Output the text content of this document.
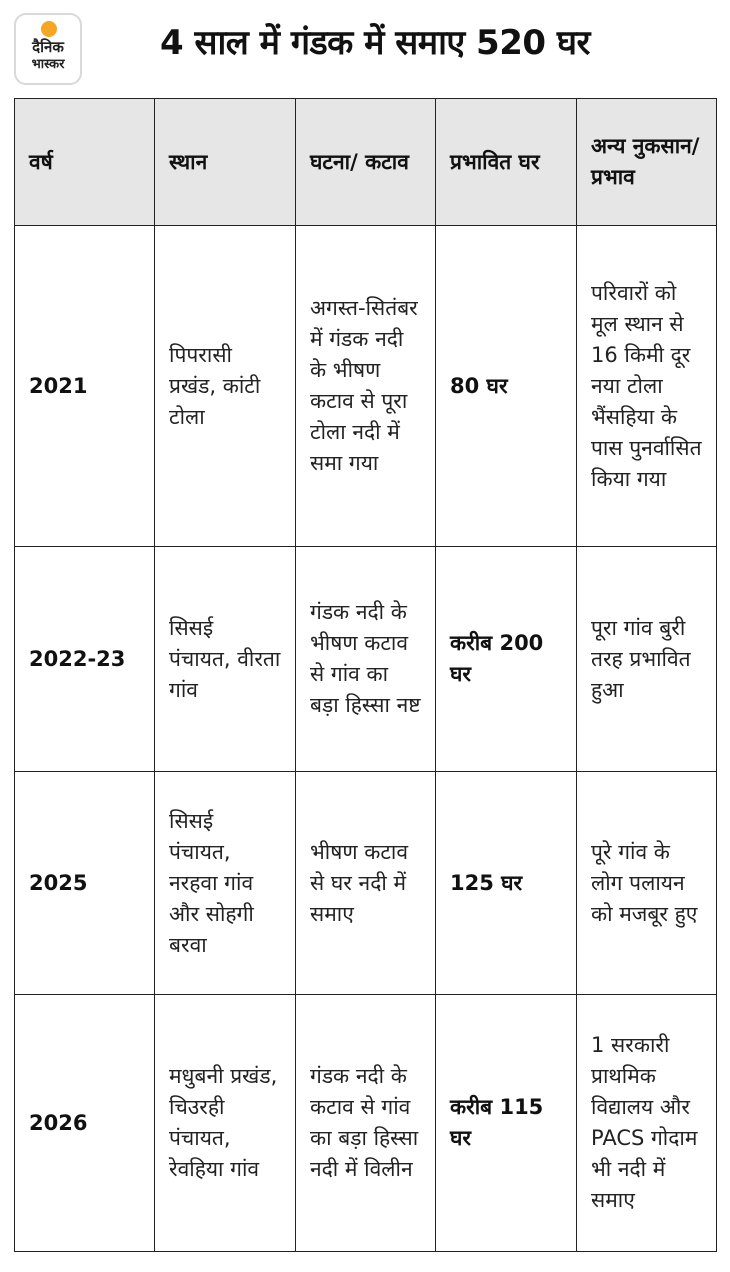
दैनिक
भास्कर
4 साल में गंडक में समाए 520 घर
वर्ष	स्थान	घटना/ कटाव	प्रभावित घर	अन्य नुकसान/ प्रभाव
2021	पिपरासी प्रखंड, कांटी टोला	अगस्त-सितंबर में गंडक नदी के भीषण कटाव से पूरा टोला नदी में समा गया	80 घर	परिवारों को मूल स्थान से 16 किमी दूर नया टोला भैंसहिया के पास पुनर्वासित किया गया
2022-23	सिसई पंचायत, वीरता गांव	गंडक नदी के भीषण कटाव से गांव का बड़ा हिस्सा नष्ट	करीब 200 घर	पूरा गांव बुरी तरह प्रभावित हुआ
2025	सिसई पंचायत, नरहवा गांव और सोहगी बरवा	भीषण कटाव से घर नदी में समाए	125 घर	पूरे गांव के लोग पलायन को मजबूर हुए
2026	मधुबनी प्रखंड, चिउरही पंचायत, रेवहिया गांव	गंडक नदी के कटाव से गांव का बड़ा हिस्सा नदी में विलीन	करीब 115 घर	1 सरकारी प्राथमिक विद्यालय और PACS गोदाम भी नदी में समाए
